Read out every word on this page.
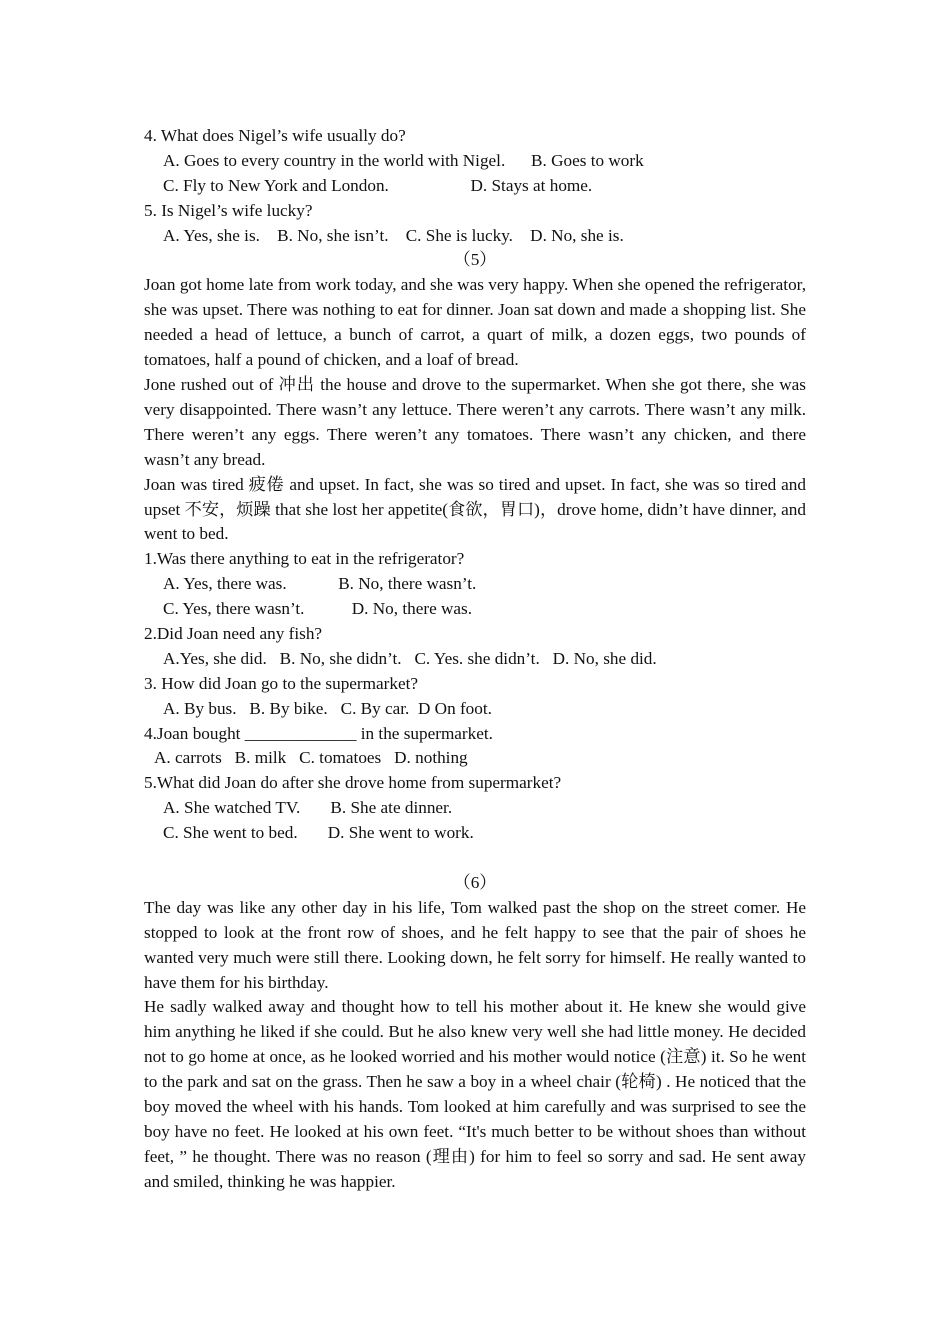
4. What does Nigel’s wife usually do?
A. Goes to every country in the world with Nigel.      B. Goes to work
C. Fly to New York and London.                   D. Stays at home.
5. Is Nigel’s wife lucky?
A. Yes, she is.    B. No, she isn’t.    C. She is lucky.    D. No, she is.
（5）
Joan got home late from work today, and she was very happy. When she opened the refrigerator, she was upset. There was nothing to eat for dinner. Joan sat down and made a shopping list. She needed a head of lettuce, a bunch of carrot, a quart of milk, a dozen eggs, two pounds of tomatoes, half a pound of chicken, and a loaf of bread.
Jone rushed out of 冲出 the house and drove to the supermarket. When she got there, she was very disappointed. There wasn’t any lettuce. There weren’t any carrots. There wasn’t any milk. There weren’t any eggs. There weren’t any tomatoes. There wasn’t any chicken, and there wasn’t any bread.
Joan was tired 疲倦 and upset. In fact, she was so tired and upset. In fact, she was so tired and upset 不安，烦躁 that she lost her appetite(食欲，胃口)，drove home, didn’t have dinner, and went to bed.
1.Was there anything to eat in the refrigerator?
A. Yes, there was.            B. No, there wasn’t.
C. Yes, there wasn’t.           D. No, there was.
2.Did Joan need any fish?
A.Yes, she did.   B. No, she didn’t.   C. Yes. she didn’t.   D. No, she did.
3. How did Joan go to the supermarket?
A. By bus.   B. By bike.   C. By car.  D On foot.
4.Joan bought _____________ in the supermarket.
A. carrots   B. milk   C. tomatoes   D. nothing
5.What did Joan do after she drove home from supermarket?
A. She watched TV.       B. She ate dinner.
C. She went to bed.       D. She went to work.
（6）
The day was like any other day in his life, Tom walked past the shop on the street comer. He stopped to look at the front row of shoes, and he felt happy to see that the pair of shoes he wanted very much were still there. Looking down, he felt sorry for himself. He really wanted to have them for his birthday.
He sadly walked away and thought how to tell his mother about it. He knew she would give him anything he liked if she could. But he also knew very well she had little money. He decided not to go home at once, as he looked worried and his mother would notice (注意) it. So he went to the park and sat on the grass. Then he saw a boy in a wheel chair (轮椅) . He noticed that the boy moved the wheel with his hands. Tom looked at him carefully and was surprised to see the boy have no feet. He looked at his own feet. “It's much better to be without shoes than without feet, ” he thought. There was no reason (理由) for him to feel so sorry and sad. He sent away and smiled, thinking he was happier.
